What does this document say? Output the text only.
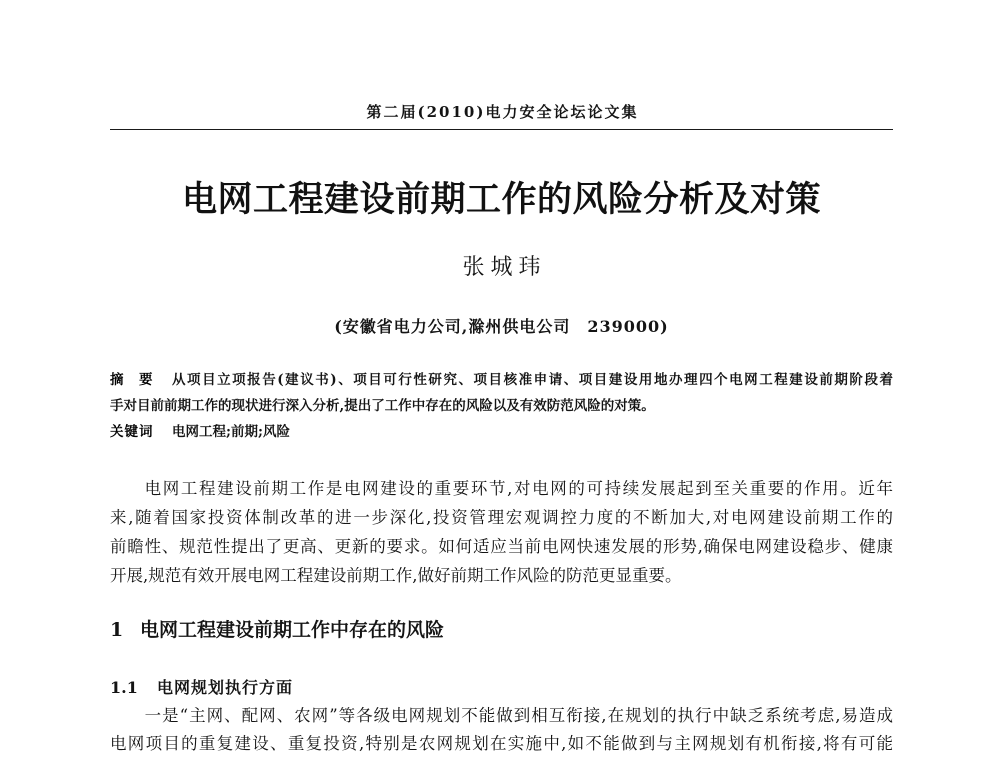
第二届(2010)电力安全论坛论文集
电网工程建设前期工作的风险分析及对策
张城玮
(安徽省电力公司,滁州供电公司　239000)
摘　要	从项目立项报告(建议书)、项目可行性研究、项目核准申请、项目建设用地办理四个电网工程建设前期阶段着
手对目前前期工作的现状进行深入分析,提出了工作中存在的风险以及有效防范风险的对策。
关键词	电网工程;前期;风险
电网工程建设前期工作是电网建设的重要环节,对电网的可持续发展起到至关重要的作用。近年
来,随着国家投资体制改革的进一步深化,投资管理宏观调控力度的不断加大,对电网建设前期工作的
前瞻性、规范性提出了更高、更新的要求。如何适应当前电网快速发展的形势,确保电网建设稳步、健康
开展,规范有效开展电网工程建设前期工作,做好前期工作风险的防范更显重要。
1 电网工程建设前期工作中存在的风险
1.1	电网规划执行方面
一是“主网、配网、农网”等各级电网规划不能做到相互衔接,在规划的执行中缺乏系统考虑,易造成
电网项目的重复建设、重复投资,特别是农网规划在实施中,如不能做到与主网规划有机衔接,将有可能
